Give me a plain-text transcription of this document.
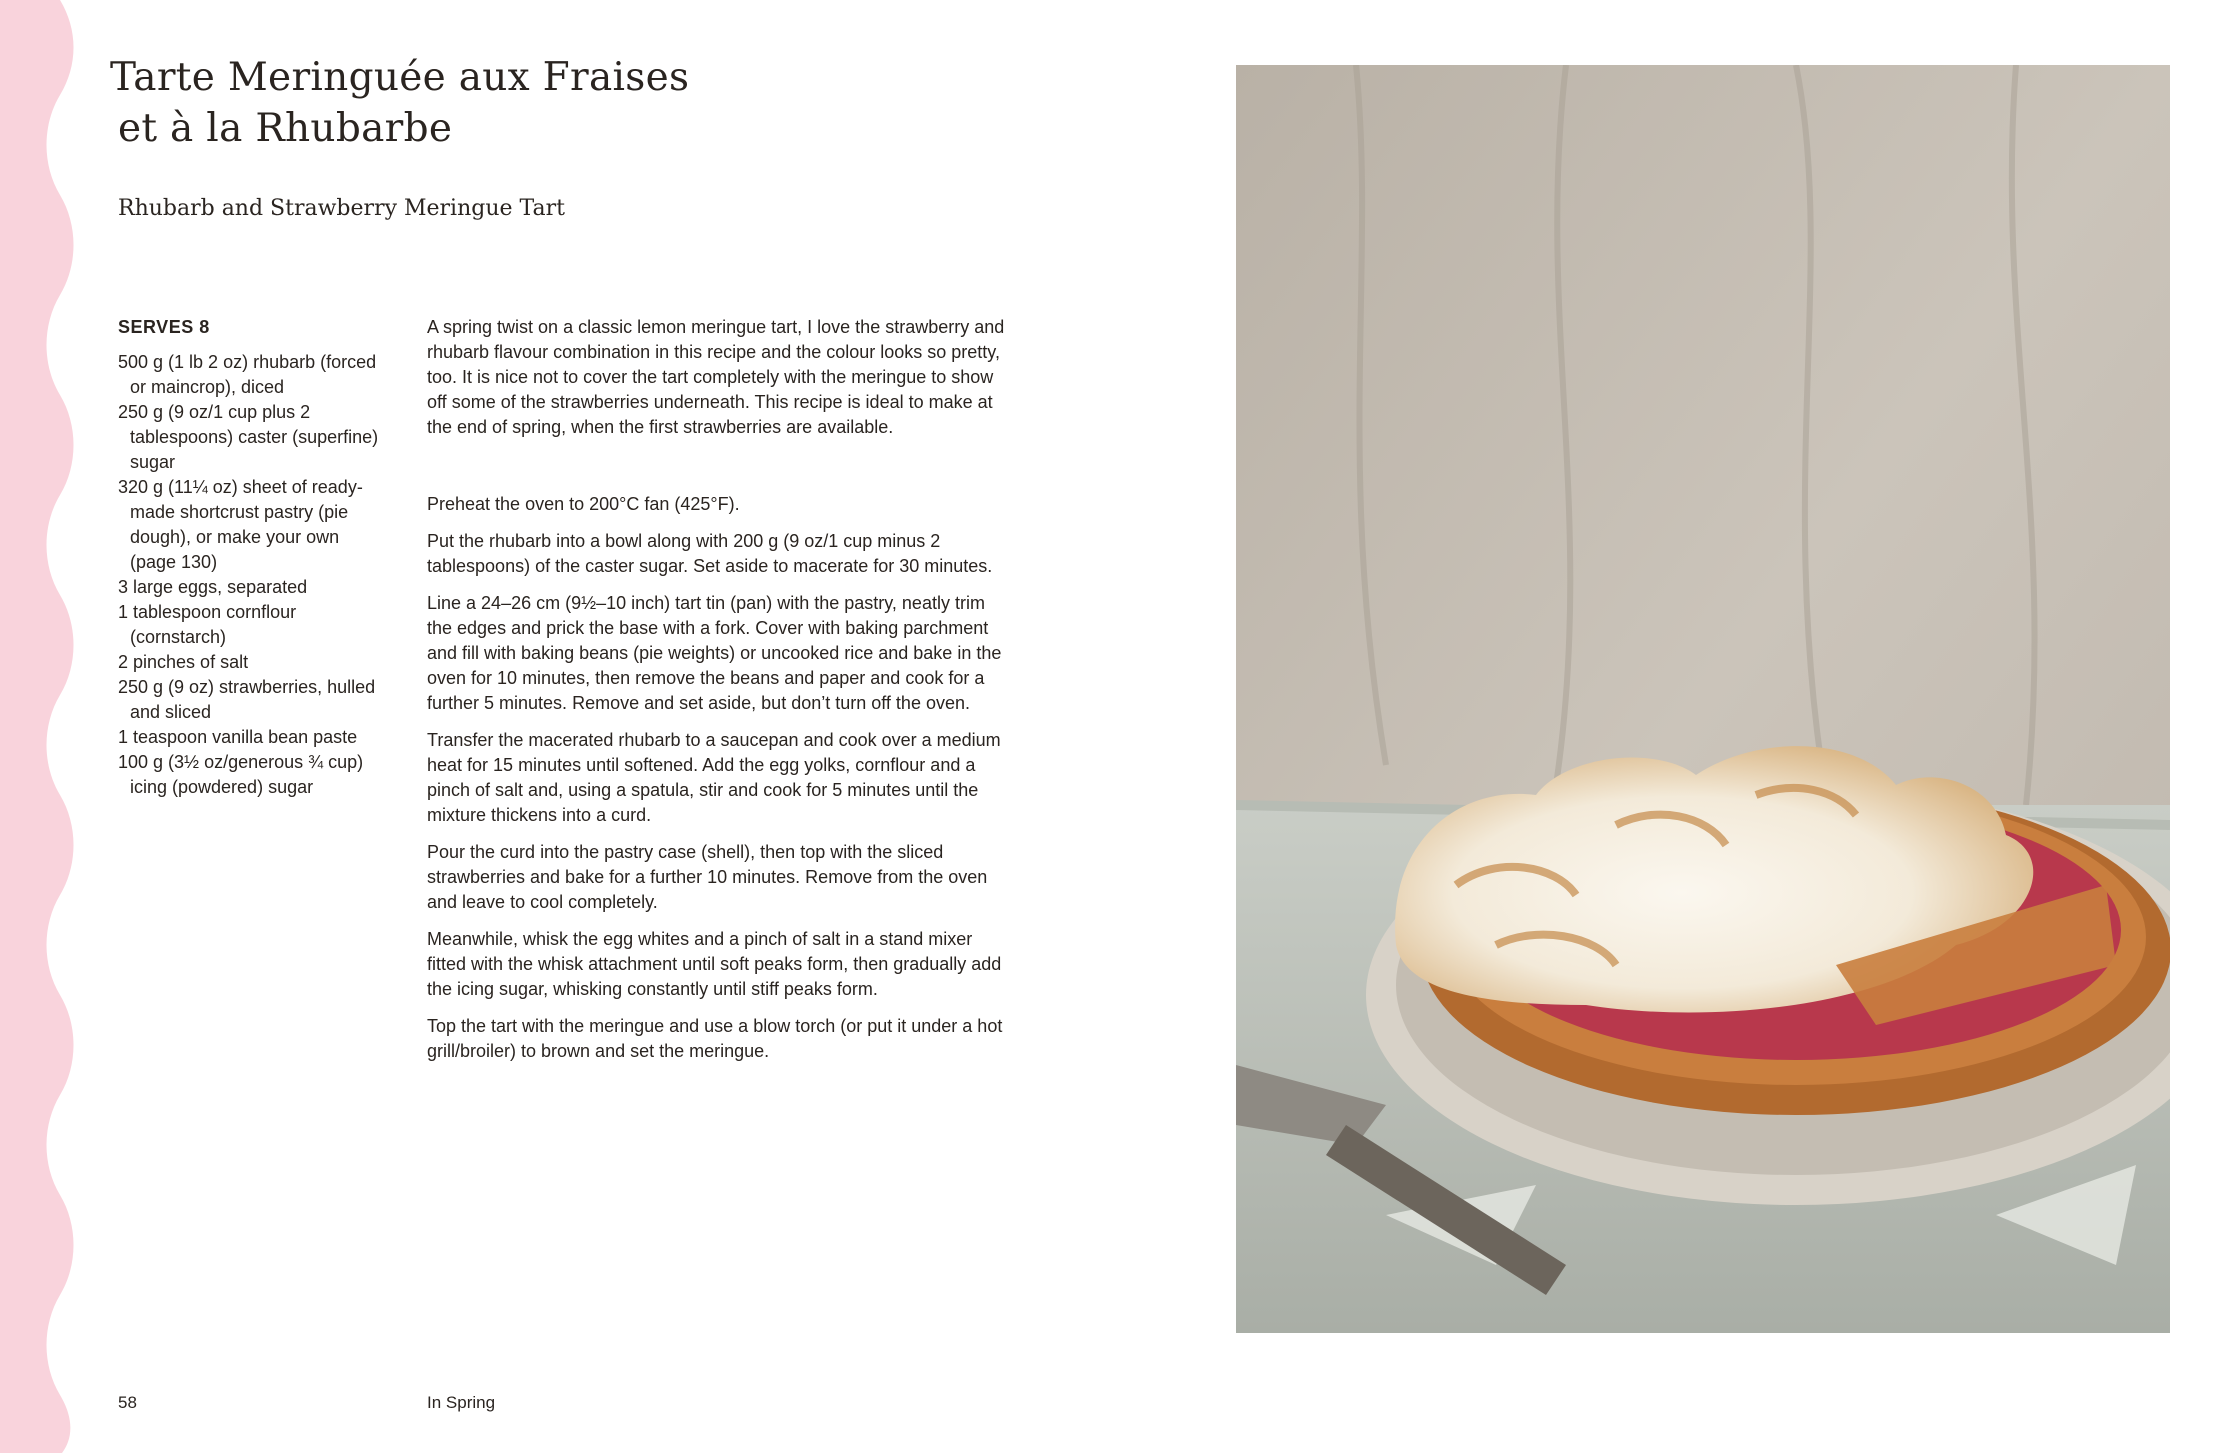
Tarte Meringuée aux Fraises
et à la Rhubarbe
Rhubarb and Strawberry Meringue Tart
SERVES 8
500 g (1 lb 2 oz) rhubarb (forced or maincrop), diced
250 g (9 oz/1 cup plus 2 tablespoons) caster (superfine) sugar
320 g (11¼ oz) sheet of ready-made shortcrust pastry (pie dough), or make your own (page 130)
3 large eggs, separated
1 tablespoon cornflour (cornstarch)
2 pinches of salt
250 g (9 oz) strawberries, hulled and sliced
1 teaspoon vanilla bean paste
100 g (3½ oz/generous ¾ cup) icing (powdered) sugar

A spring twist on a classic lemon meringue tart, I love the strawberry and rhubarb flavour combination in this recipe and the colour looks so pretty, too. It is nice not to cover the tart completely with the meringue to show off some of the strawberries underneath. This recipe is ideal to make at the end of spring, when the first strawberries are available.

Preheat the oven to 200°C fan (425°F).

Put the rhubarb into a bowl along with 200 g (9 oz/1 cup minus 2 tablespoons) of the caster sugar. Set aside to macerate for 30 minutes.

Line a 24–26 cm (9½–10 inch) tart tin (pan) with the pastry, neatly trim the edges and prick the base with a fork. Cover with baking parchment and fill with baking beans (pie weights) or uncooked rice and bake in the oven for 10 minutes, then remove the beans and paper and cook for a further 5 minutes. Remove and set aside, but don’t turn off the oven.

Transfer the macerated rhubarb to a saucepan and cook over a medium heat for 15 minutes until softened. Add the egg yolks, cornflour and a pinch of salt and, using a spatula, stir and cook for 5 minutes until the mixture thickens into a curd.

Pour the curd into the pastry case (shell), then top with the sliced strawberries and bake for a further 10 minutes. Remove from the oven and leave to cool completely.

Meanwhile, whisk the egg whites and a pinch of salt in a stand mixer fitted with the whisk attachment until soft peaks form, then gradually add the icing sugar, whisking constantly until stiff peaks form.

Top the tart with the meringue and use a blow torch (or put it under a hot grill/broiler) to brown and set the meringue.

58	In Spring
